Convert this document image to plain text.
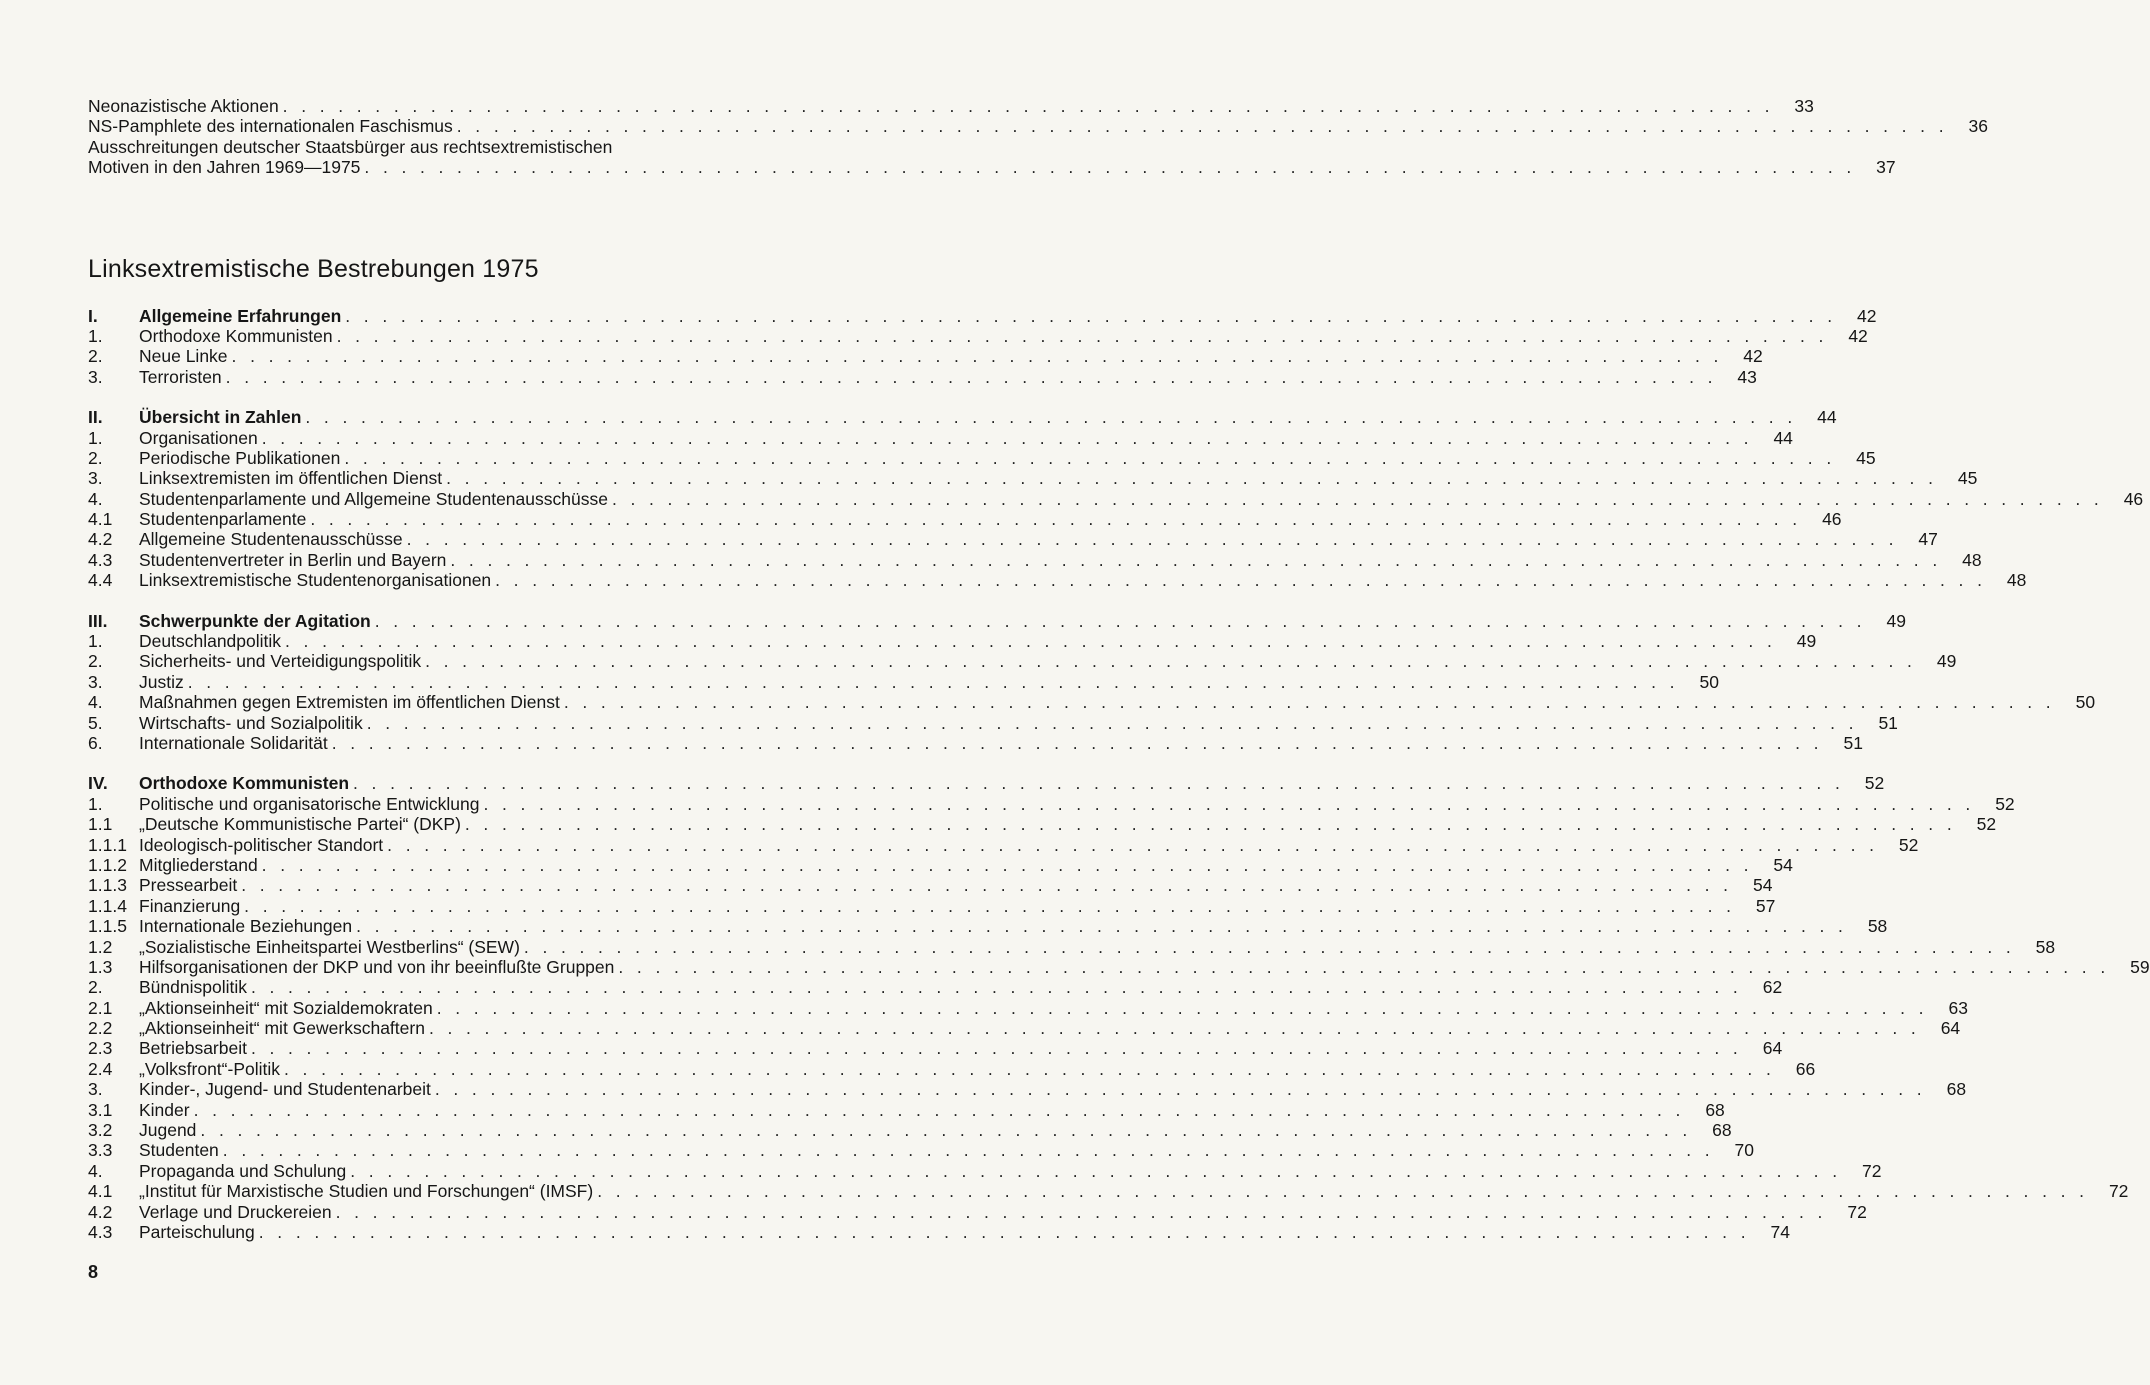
Neonazistische Aktionen . . .	33
NS-Pamphlete des internationalen Faschismus . . .	36
Ausschreitungen deutscher Staatsbürger aus rechtsextremistischen
Motiven in den Jahren 1969—1975 . . .	37
Linksextremistische Bestrebungen 1975
I.	Allgemeine Erfahrungen . . .	42
1.	Orthodoxe Kommunisten . . .	42
2.	Neue Linke . . .	42
3.	Terroristen . . .	43
II.	Übersicht in Zahlen . . .	44
1.	Organisationen . . .	44
2.	Periodische Publikationen . . .	45
3.	Linksextremisten im öffentlichen Dienst . . .	45
4.	Studentenparlamente und Allgemeine Studentenausschüsse . . .	46
4.1	Studentenparlamente . . .	46
4.2	Allgemeine Studentenausschüsse . . .	47
4.3	Studentenvertreter in Berlin und Bayern . . .	48
4.4	Linksextremistische Studentenorganisationen . . .	48
III.	Schwerpunkte der Agitation . . .	49
1.	Deutschlandpolitik . . .	49
2.	Sicherheits- und Verteidigungspolitik . . .	49
3.	Justiz . . .	50
4.	Maßnahmen gegen Extremisten im öffentlichen Dienst . . .	50
5.	Wirtschafts- und Sozialpolitik . . .	51
6.	Internationale Solidarität . . .	51
IV.	Orthodoxe Kommunisten . . .	52
1.	Politische und organisatorische Entwicklung . . .	52
1.1	„Deutsche Kommunistische Partei“ (DKP) . . .	52
1.1.1 Ideologisch-politischer Standort . . .	52
1.1.2 Mitgliederstand . . .	54
1.1.3 Pressearbeit . . .	54
1.1.4 Finanzierung . . .	57
1.1.5 Internationale Beziehungen . . .	58
1.2	„Sozialistische Einheitspartei Westberlins“ (SEW) . . .	58
1.3	Hilfsorganisationen der DKP und von ihr beeinflußte Gruppen . . .	59
2.	Bündnispolitik . . .	62
2.1	„Aktionseinheit“ mit Sozialdemokraten . . .	63
2.2	„Aktionseinheit“ mit Gewerkschaftern . . .	64
2.3	Betriebsarbeit . . .	64
2.4	„Volksfront“-Politik . . .	66
3.	Kinder-, Jugend- und Studentenarbeit . . .	68
3.1	Kinder . . .	68
3.2	Jugend . . .	68
3.3	Studenten . . .	70
4.	Propaganda und Schulung . . .	72
4.1	„Institut für Marxistische Studien und Forschungen“ (IMSF) . . .	72
4.2	Verlage und Druckereien . . .	72
4.3	Parteischulung . . .	74
8
